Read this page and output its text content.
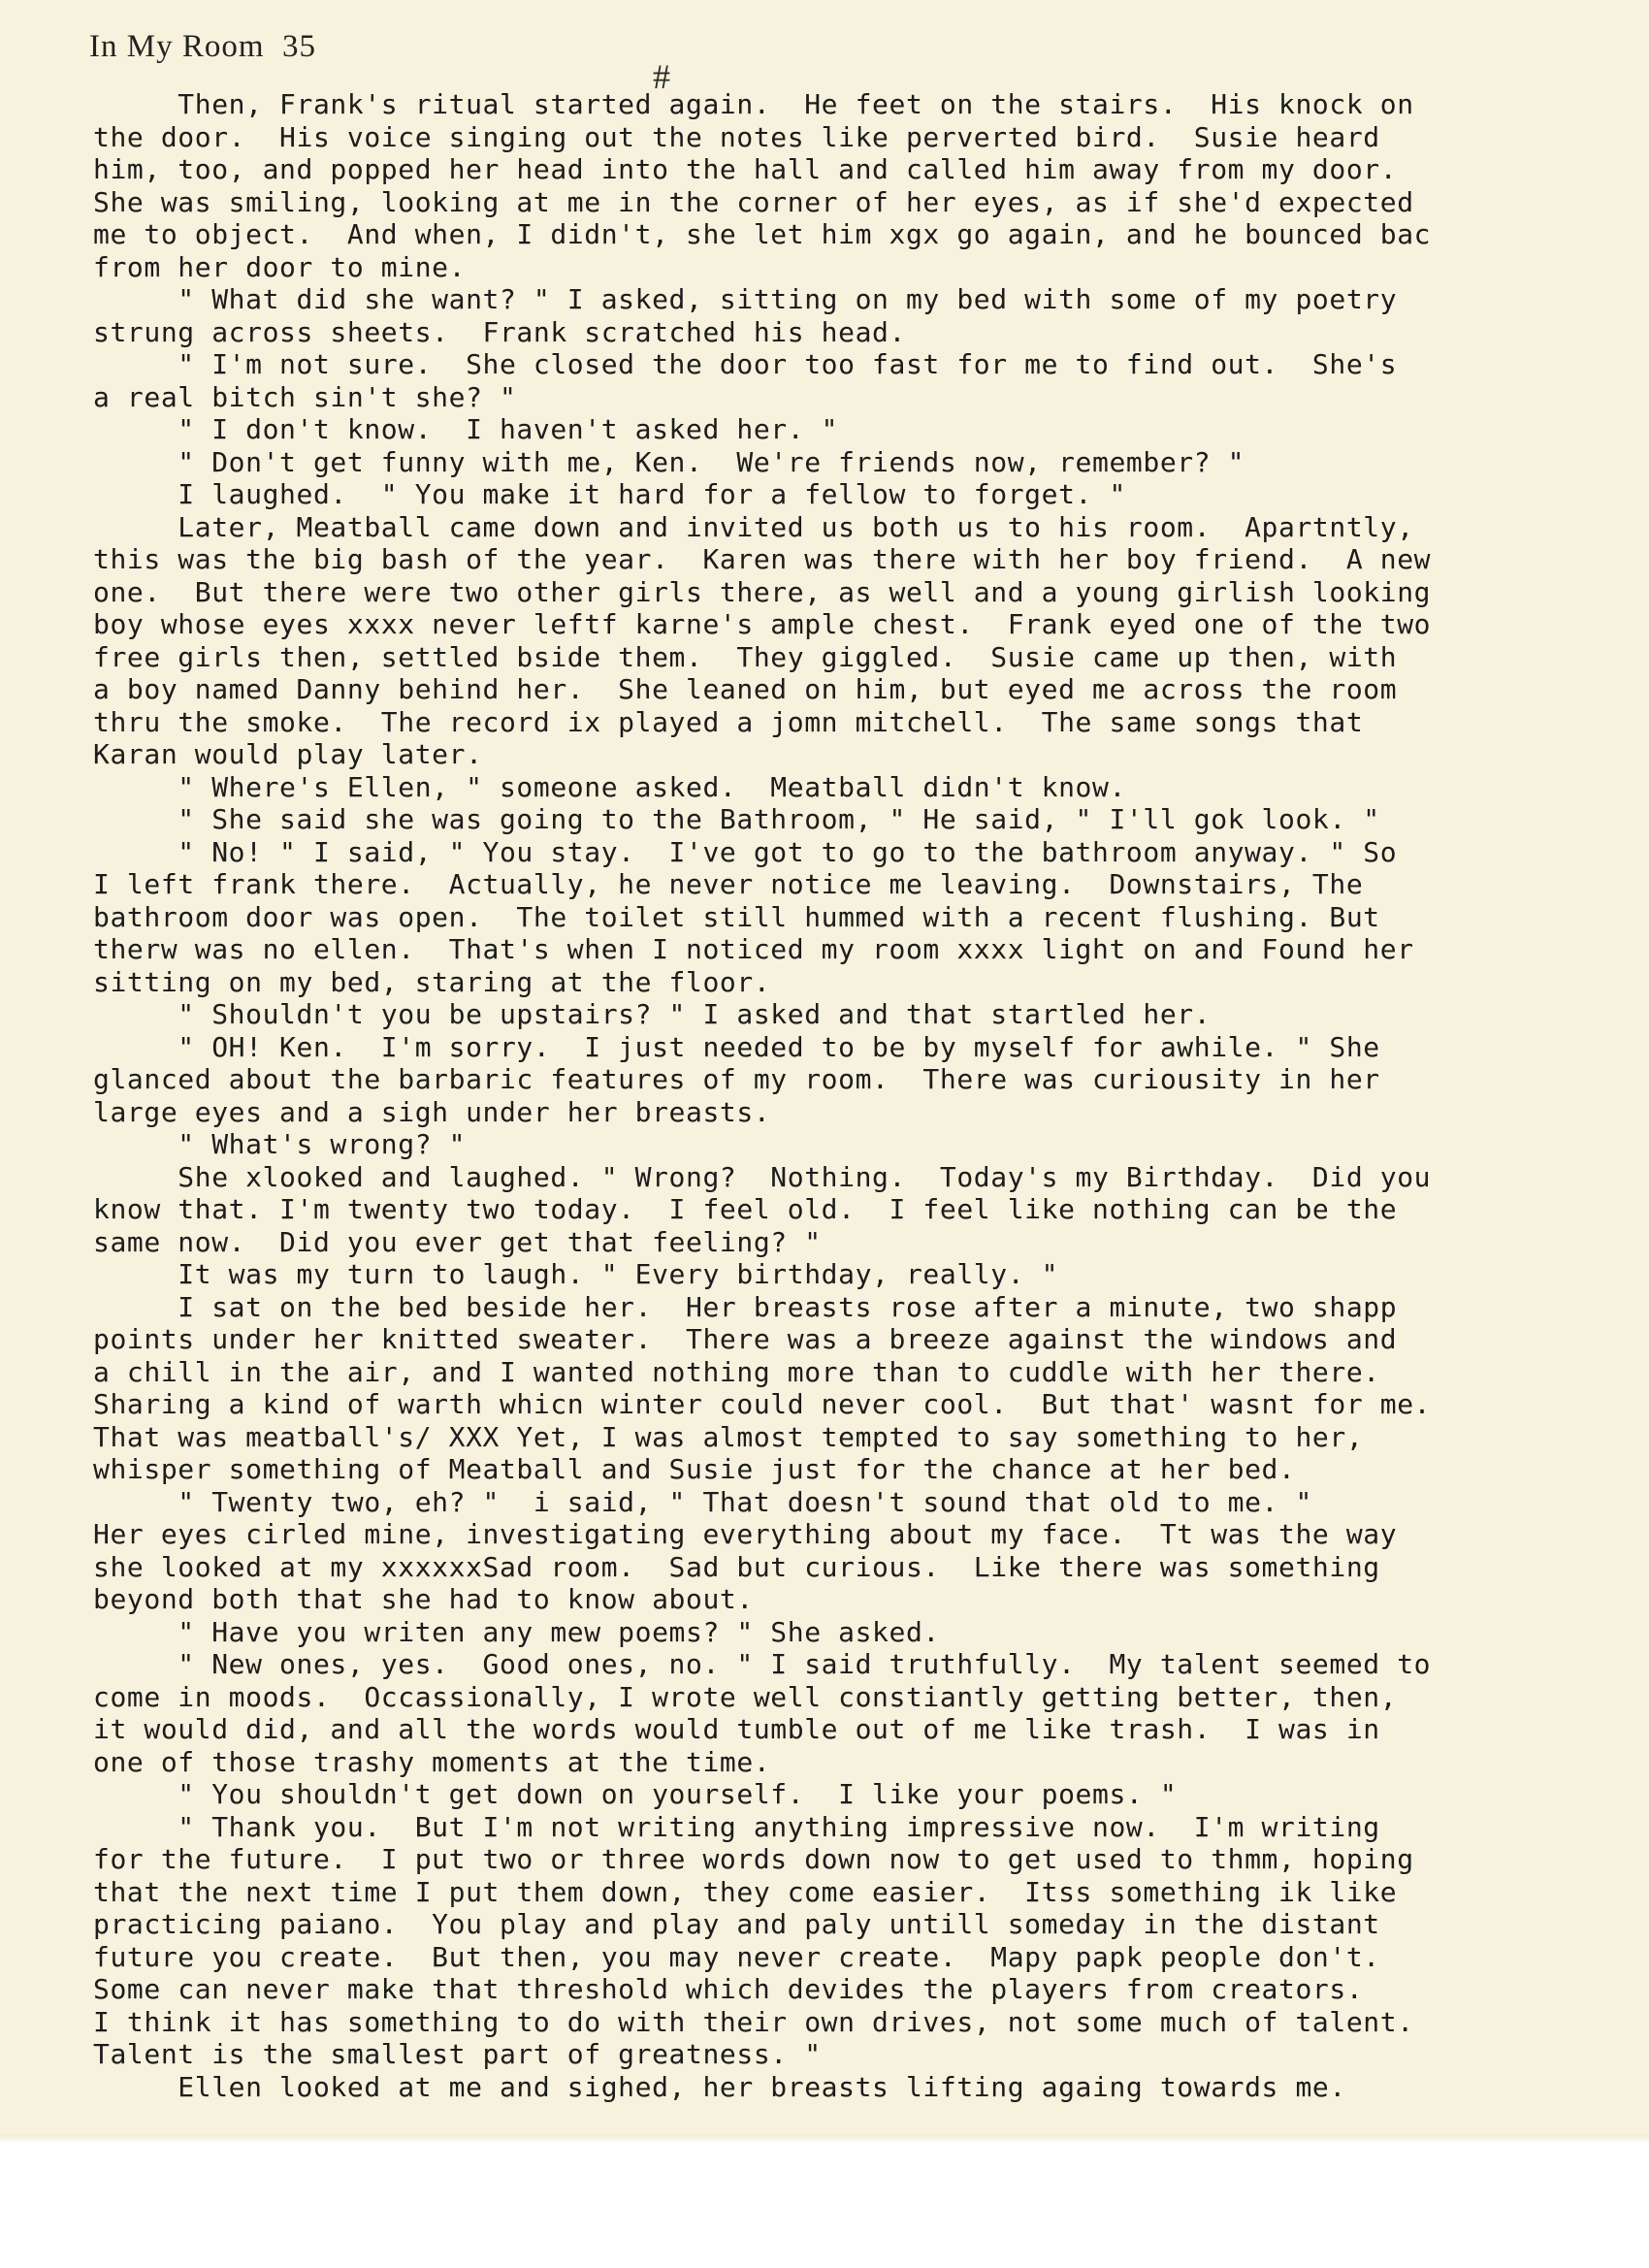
In My Room 35
#
Then, Frank's ritual started again.  He feet on the stairs.  His knock on
the door.  His voice singing out the notes like perverted bird.  Susie heard
him, too, and popped her head into the hall and called him away from my door.
She was smiling, looking at me in the corner of her eyes, as if she'd expected
me to object.  And when, I didn't, she let him xgx go again, and he bounced bac
from her door to mine.
" What did she want? " I asked, sitting on my bed with some of my poetry
strung across sheets.  Frank scratched his head.
" I'm not sure.  She closed the door too fast for me to find out.  She's
a real bitch sin't she? "
" I don't know.  I haven't asked her. "
" Don't get funny with me, Ken.  We're friends now, remember? "
I laughed.  " You make it hard for a fellow to forget. "
Later, Meatball came down and invited us both us to his room.  Apartntly,
this was the big bash of the year.  Karen was there with her boy friend.  A new
one.  But there were two other girls there, as well and a young girlish looking
boy whose eyes xxxx never leftf karne's ample chest.  Frank eyed one of the two
free girls then, settled bside them.  They giggled.  Susie came up then, with
a boy named Danny behind her.  She leaned on him, but eyed me across the room
thru the smoke.  The record ix played a jomn mitchell.  The same songs that
Karan would play later.
" Where's Ellen, " someone asked.  Meatball didn't know.
" She said she was going to the Bathroom, " He said, " I'll gok look. "
" No! " I said, " You stay.  I've got to go to the bathroom anyway. " So
I left frank there.  Actually, he never notice me leaving.  Downstairs, The
bathroom door was open.  The toilet still hummed with a recent flushing. But
therw was no ellen.  That's when I noticed my room xxxx light on and Found her
sitting on my bed, staring at the floor.
" Shouldn't you be upstairs? " I asked and that startled her.
" OH! Ken.  I'm sorry.  I just needed to be by myself for awhile. " She
glanced about the barbaric features of my room.  There was curiousity in her
large eyes and a sigh under her breasts.
" What's wrong? "
She xlooked and laughed. " Wrong?  Nothing.  Today's my Birthday.  Did you
know that. I'm twenty two today.  I feel old.  I feel like nothing can be the
same now.  Did you ever get that feeling? "
It was my turn to laugh. " Every birthday, really. "
I sat on the bed beside her.  Her breasts rose after a minute, two shapp
points under her knitted sweater.  There was a breeze against the windows and
a chill in the air, and I wanted nothing more than to cuddle with her there.
Sharing a kind of warth whicn winter could never cool.  But that' wasnt for me.
That was meatball's/ XXX Yet, I was almost tempted to say something to her,
whisper something of Meatball and Susie just for the chance at her bed.
" Twenty two, eh? "  i said, " That doesn't sound that old to me. "
Her eyes cirled mine, investigating everything about my face.  Tt was the way
she looked at my xxxxxxSad room.  Sad but curious.  Like there was something
beyond both that she had to know about.
" Have you writen any mew poems? " She asked.
" New ones, yes.  Good ones, no. " I said truthfully.  My talent seemed to
come in moods.  Occassionally, I wrote well constiantly getting better, then,
it would did, and all the words would tumble out of me like trash.  I was in
one of those trashy moments at the time.
" You shouldn't get down on yourself.  I like your poems. "
" Thank you.  But I'm not writing anything impressive now.  I'm writing
for the future.  I put two or three words down now to get used to thmm, hoping
that the next time I put them down, they come easier.  Itss something ik like
practicing paiano.  You play and play and paly untill someday in the distant
future you create.  But then, you may never create.  Mapy papk people don't.
Some can never make that threshold which devides the players from creators.
I think it has something to do with their own drives, not some much of talent.
Talent is the smallest part of greatness. "
Ellen looked at me and sighed, her breasts lifting againg towards me.
